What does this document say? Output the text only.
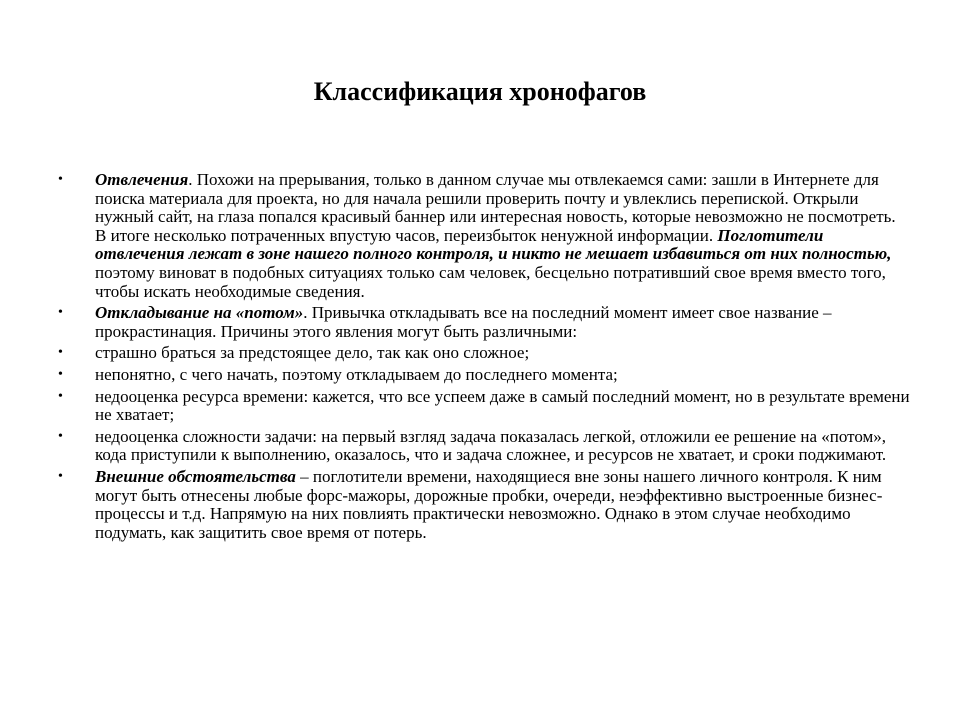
Классификация хронофагов
• Отвлечения. Похожи на прерывания, только в данном случае мы отвлекаемся сами: зашли в Интернете для поиска материала для проекта, но для начала решили проверить почту и увлеклись перепиской. Открыли нужный сайт, на глаза попался красивый баннер или интересная новость, которые невозможно не посмотреть. В итоге несколько потраченных впустую часов, переизбыток ненужной информации. Поглотители отвлечения лежат в зоне нашего полного контроля, и никто не мешает избавиться от них полностью, поэтому виноват в подобных ситуациях только сам человек, бесцельно потративший свое время вместо того, чтобы искать необходимые сведения.
• Откладывание на «потом». Привычка откладывать все на последний момент имеет свое название – прокрастинация. Причины этого явления могут быть различными:
• страшно браться за предстоящее дело, так как оно сложное;
• непонятно, с чего начать, поэтому откладываем до последнего момента;
• недооценка ресурса времени: кажется, что все успеем даже в самый последний момент, но в результате времени не хватает;
• недооценка сложности задачи: на первый взгляд задача показалась легкой, отложили ее решение на «потом», кода приступили к выполнению, оказалось, что и задача сложнее, и ресурсов не хватает, и сроки поджимают.
• Внешние обстоятельства – поглотители времени, находящиеся вне зоны нашего личного контроля. К ним могут быть отнесены любые форс-мажоры, дорожные пробки, очереди, неэффективно выстроенные бизнес-процессы и т.д. Напрямую на них повлиять практически невозможно. Однако в этом случае необходимо подумать, как защитить свое время от потерь.
